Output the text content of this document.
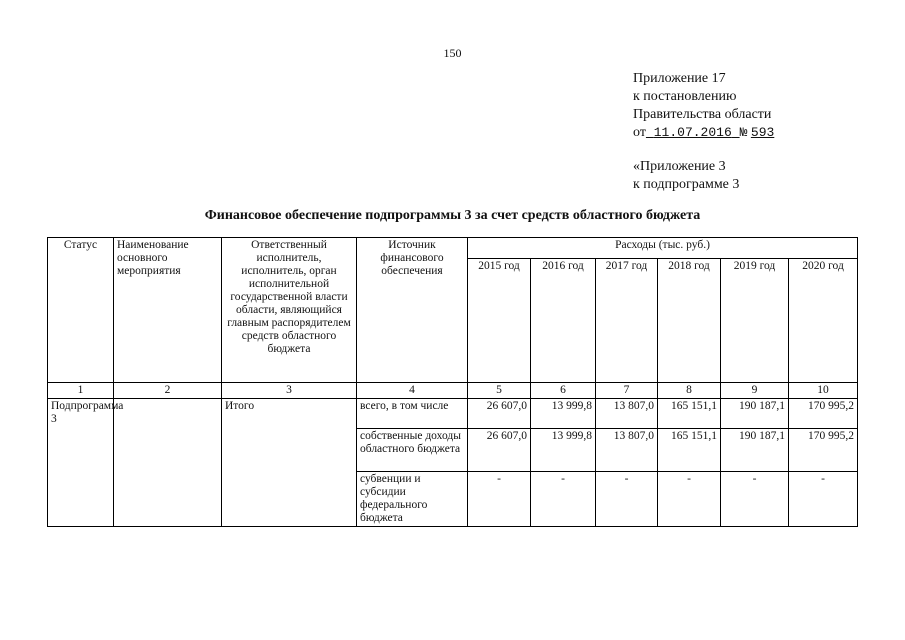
150
Приложение 17
к постановлению
Правительства области
от 11.07.2016 № 593
«Приложение 3
к подпрограмме 3
Финансовое обеспечение подпрограммы 3 за счет средств областного бюджета
Статус	Наименование основного мероприятия	Ответственный исполнитель, исполнитель, орган исполнительной государственной власти области, являющийся главным распорядителем средств областного бюджета	Источник финансового обеспечения	Расходы (тыс. руб.)					
				2015 год	2016 год	2017 год	2018 год	2019 год	2020 год
1	2	3	4	5	6	7	8	9	10
Подпрограмма 3		Итого	всего, в том числе	26 607,0	13 999,8	13 807,0	165 151,1	190 187,1	170 995,2
			собственные доходы областного бюджета	26 607,0	13 999,8	13 807,0	165 151,1	190 187,1	170 995,2
			субвенции и субсидии федерального бюджета	-	-	-	-	-	-
